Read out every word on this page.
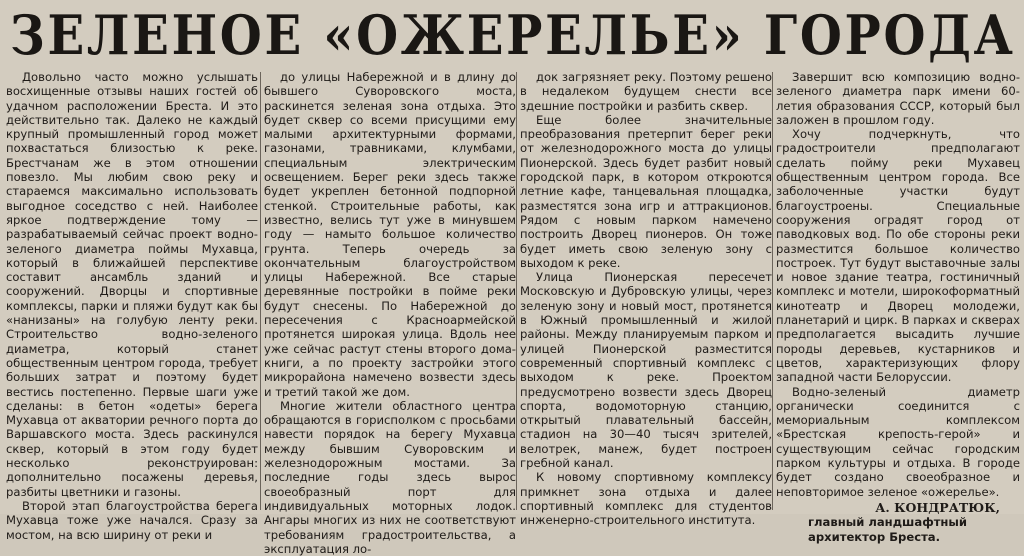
ЗЕЛЕНОЕ «ОЖЕРЕЛЬЕ» ГОРОДА

Довольно часто можно услышать восхищенные отзывы наших гостей об удачном расположении Бреста. И это действительно так. Далеко не каждый крупный промышленный город может похвастаться близостью к реке. Брестчанам же в этом отношении повезло. Мы любим свою реку и стараемся максимально использовать выгодное соседство с ней. Наиболее яркое подтверждение тому — разрабатываемый сейчас проект водно-зеленого диаметра поймы Мухавца, который в ближайшей перспективе составит ансамбль зданий и сооружений. Дворцы и спортивные комплексы, парки и пляжи будут как бы «нанизаны» на голубую ленту реки. Строительство водно-зеленого диаметра, который станет общественным центром города, требует больших затрат и поэтому будет вестись постепенно. Первые шаги уже сделаны: в бетон «одеты» берега Мухавца от акватории речного порта до Варшавского моста. Здесь раскинулся сквер, который в этом году будет несколько реконструирован: дополнительно посажены деревья, разбиты цветники и газоны.

Второй этап благоустройства берега Мухавца тоже уже начался. Сразу за мостом, на всю ширину от реки и

до улицы Набережной и в длину до бывшего Суворовского моста, раскинется зеленая зона отдыха. Это будет сквер со всеми присущими ему малыми архитектурными формами, газонами, травниками, клумбами, специальным электрическим освещением. Берег реки здесь также будет укреплен бетонной подпорной стенкой. Строительные работы, как известно, велись тут уже в минувшем году — намыто большое количество грунта. Теперь очередь за окончательным благоустройством улицы Набережной. Все старые деревянные постройки в пойме реки будут снесены. По Набережной до пересечения с Красноармейской протянется широкая улица. Вдоль нее уже сейчас растут стены второго дома-книги, а по проекту застройки этого микрорайона намечено возвести здесь и третий такой же дом.

Многие жители областного центра обращаются в горисполком с просьбами навести порядок на берегу Мухавца между бывшим Суворовским и железнодорожным мостами. За последние годы здесь вырос своеобразный порт для индивидуальных моторных лодок. Ангары многих из них не соответствуют требованиям градостроительства, а эксплуатация ло-

док загрязняет реку. Поэтому решено в недалеком будущем снести все здешние постройки и разбить сквер.

Еще более значительные преобразования претерпит берег реки от железнодорожного моста до улицы Пионерской. Здесь будет разбит новый городской парк, в котором откроются летние кафе, танцевальная площадка, разместятся зона игр и аттракционов. Рядом с новым парком намечено построить Дворец пионеров. Он тоже будет иметь свою зеленую зону с выходом к реке.

Улица Пионерская пересечет Московскую и Дубровскую улицы, через зеленую зону и новый мост, протянется в Южный промышленный и жилой районы. Между планируемым парком и улицей Пионерской разместится современный спортивный комплекс с выходом к реке. Проектом предусмотрено возвести здесь Дворец спорта, водомоторную станцию, открытый плавательный бассейн, стадион на 30—40 тысяч зрителей, велотрек, манеж, будет построен гребной канал.

К новому спортивному комплексу примкнет зона отдыха и далее спортивный комплекс для студентов инженерно-строительного института.

Завершит всю композицию водно-зеленого диаметра парк имени 60-летия образования СССР, который был заложен в прошлом году.

Хочу подчеркнуть, что градостроители предполагают сделать пойму реки Мухавец общественным центром города. Все заболоченные участки будут благоустроены. Специальные сооружения оградят город от паводковых вод. По обе стороны реки разместится большое количество построек. Тут будут выставочные залы и новое здание театра, гостиничный комплекс и мотели, широкоформатный кинотеатр и Дворец молодежи, планетарий и цирк. В парках и скверах предполагается высадить лучшие породы деревьев, кустарников и цветов, характеризующих флору западной части Белоруссии.

Водно-зеленый диаметр органически соединится с мемориальным комплексом «Брестская крепость-герой» и существующим сейчас городским парком культуры и отдыха. В городе будет создано своеобразное и неповторимое зеленое «ожерелье».

А. КОНДРАТЮК,
главный ландшафтный архитектор Бреста.
